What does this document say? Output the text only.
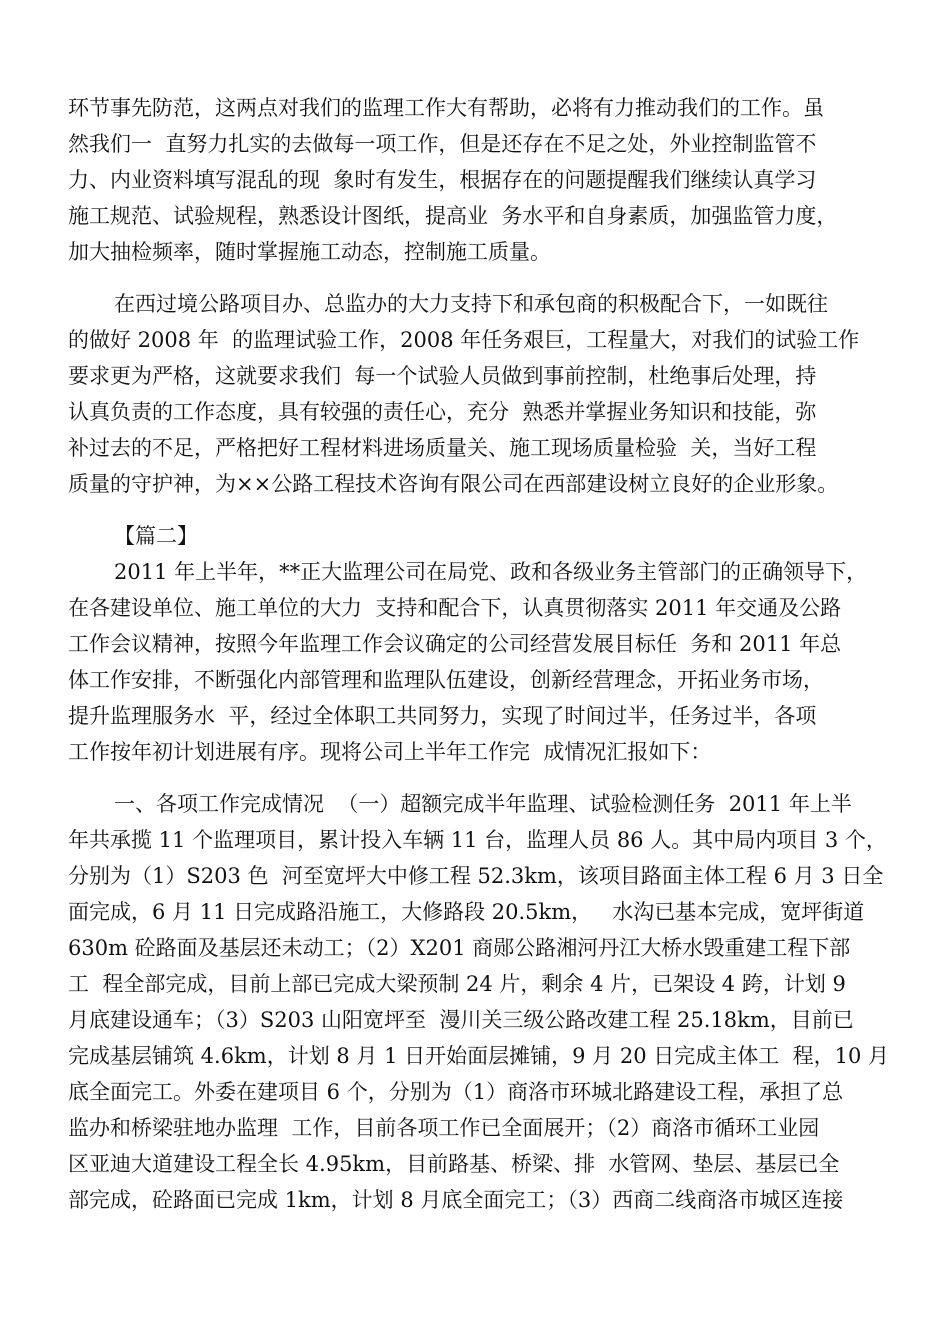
环节事先防范，这两点对我们的监理工作大有帮助，必将有力推动我们的工作。虽
然我们一  直努力扎实的去做每一项工作，但是还存在不足之处，外业控制监管不
力、内业资料填写混乱的现  象时有发生，根据存在的问题提醒我们继续认真学习
施工规范、试验规程，熟悉设计图纸，提高业  务水平和自身素质，加强监管力度，
加大抽检频率，随时掌握施工动态，控制施工质量。
在西过境公路项目办、总监办的大力支持下和承包商的积极配合下，一如既往
的做好 2008 年  的监理试验工作，2008 年任务艰巨，工程量大，对我们的试验工作
要求更为严格，这就要求我们  每一个试验人员做到事前控制，杜绝事后处理，持
认真负责的工作态度，具有较强的责任心，充分  熟悉并掌握业务知识和技能，弥
补过去的不足，严格把好工程材料进场质量关、施工现场质量检验  关，当好工程
质量的守护神，为××公路工程技术咨询有限公司在西部建设树立良好的企业形象。
【篇二】
2011 年上半年，**正大监理公司在局党、政和各级业务主管部门的正确领导下，
在各建设单位、施工单位的大力  支持和配合下，认真贯彻落实 2011 年交通及公路
工作会议精神，按照今年监理工作会议确定的公司经营发展目标任  务和 2011 年总
体工作安排，不断强化内部管理和监理队伍建设，创新经营理念，开拓业务市场，
提升监理服务水  平，经过全体职工共同努力，实现了时间过半，任务过半，各项
工作按年初计划进展有序。现将公司上半年工作完  成情况汇报如下：
一、各项工作完成情况  （一）超额完成半年监理、试验检测任务  2011 年上半
年共承揽 11 个监理项目，累计投入车辆 11 台，监理人员 86 人。其中局内项目 3 个，
分别为（1）S203 色  河至宽坪大中修工程 52.3km，该项目路面主体工程 6 月 3 日全
面完成，6 月 11 日完成路沿施工，大修路段 20.5km，   水沟已基本完成，宽坪街道
630m 砼路面及基层还未动工；（2）X201 商郧公路湘河丹江大桥水毁重建工程下部
工  程全部完成，目前上部已完成大梁预制 24 片，剩余 4 片，已架设 4 跨，计划 9
月底建设通车；（3）S203 山阳宽坪至  漫川关三级公路改建工程 25.18km，目前已
完成基层铺筑 4.6km，计划 8 月 1 日开始面层摊铺，9 月 20 日完成主体工  程，10 月
底全面完工。外委在建项目 6 个，分别为（1）商洛市环城北路建设工程，承担了总
监办和桥梁驻地办监理  工作，目前各项工作已全面展开；（2）商洛市循环工业园
区亚迪大道建设工程全长 4.95km，目前路基、桥梁、排  水管网、垫层、基层已全
部完成，砼路面已完成 1km，计划 8 月底全面完工；（3）西商二线商洛市城区连接
